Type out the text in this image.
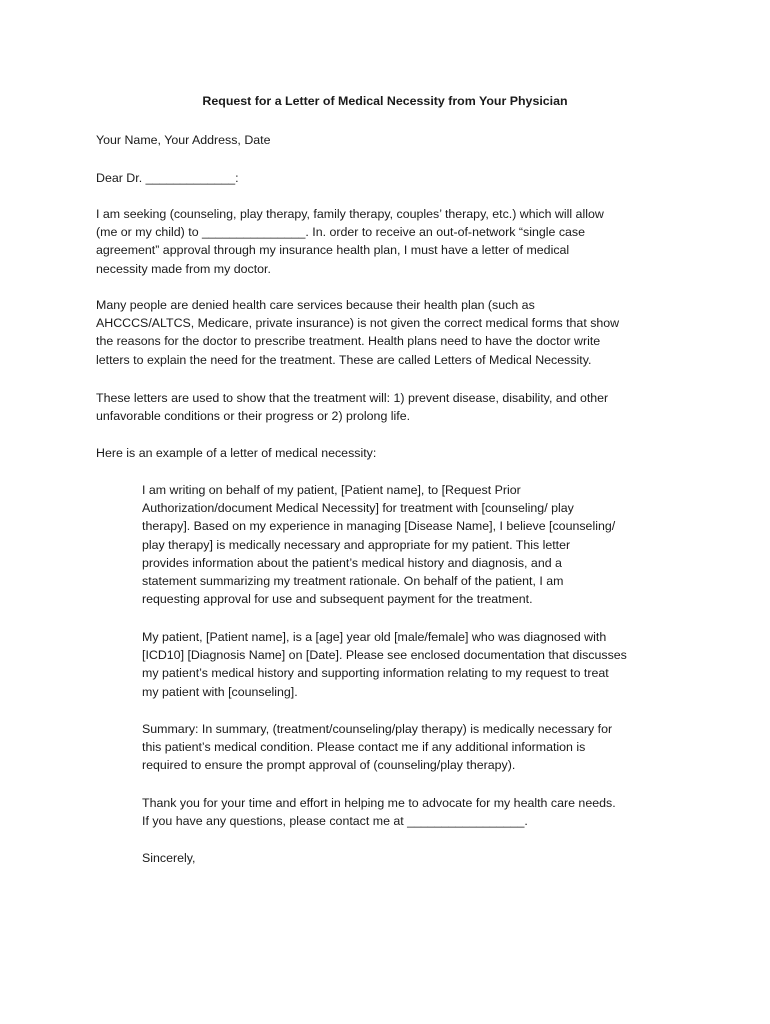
Request for a Letter of Medical Necessity from Your Physician
Your Name, Your Address, Date
Dear Dr. _____________:
I am seeking (counseling, play therapy, family therapy, couples’ therapy, etc.) which will allow
(me or my child) to _______________. In. order to receive an out-of-network “single case
agreement” approval through my insurance health plan, I must have a letter of medical
necessity made from my doctor.
Many people are denied health care services because their health plan (such as
AHCCCS/ALTCS, Medicare, private insurance) is not given the correct medical forms that show
the reasons for the doctor to prescribe treatment. Health plans need to have the doctor write
letters to explain the need for the treatment. These are called Letters of Medical Necessity.
These letters are used to show that the treatment will: 1) prevent disease, disability, and other
unfavorable conditions or their progress or 2) prolong life.
Here is an example of a letter of medical necessity:
I am writing on behalf of my patient, [Patient name], to [Request Prior
Authorization/document Medical Necessity] for treatment with [counseling/ play
therapy]. Based on my experience in managing [Disease Name], I believe [counseling/
play therapy] is medically necessary and appropriate for my patient. This letter
provides information about the patient’s medical history and diagnosis, and a
statement summarizing my treatment rationale. On behalf of the patient, I am
requesting approval for use and subsequent payment for the treatment.
My patient, [Patient name], is a [age] year old [male/female] who was diagnosed with
[ICD10] [Diagnosis Name] on [Date]. Please see enclosed documentation that discusses
my patient’s medical history and supporting information relating to my request to treat
my patient with [counseling].
Summary: In summary, (treatment/counseling/play therapy) is medically necessary for
this patient’s medical condition. Please contact me if any additional information is
required to ensure the prompt approval of (counseling/play therapy).
Thank you for your time and effort in helping me to advocate for my health care needs.
If you have any questions, please contact me at _________________.
Sincerely,
